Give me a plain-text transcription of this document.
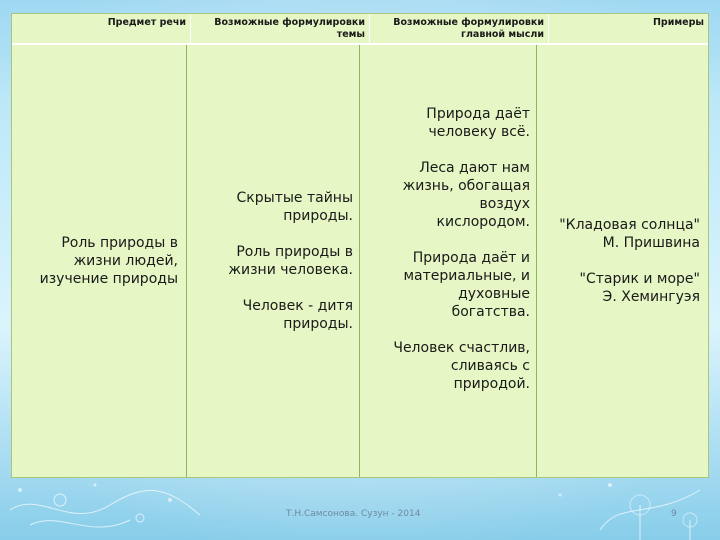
Предмет речи	Возможные формулировки темы
Возможные формулировки главной мысли
Примеры
Роль природы в
жизни людей,
изучение природы
Скрытые тайны
природы.

Роль природы в
жизни человека.

Человек - дитя
природы.
Природа даёт
человеку всё.

Леса дают нам
жизнь, обогащая
воздух
кислородом.

Природа даёт и
материальные, и
духовные
богатства.

Человек счастлив,
сливаясь с
природой.
"Кладовая солнца"
М. Пришвина

"Старик и море"
Э. Хемингуэя
Т.Н.Самсонова. Сузун - 2014	9
